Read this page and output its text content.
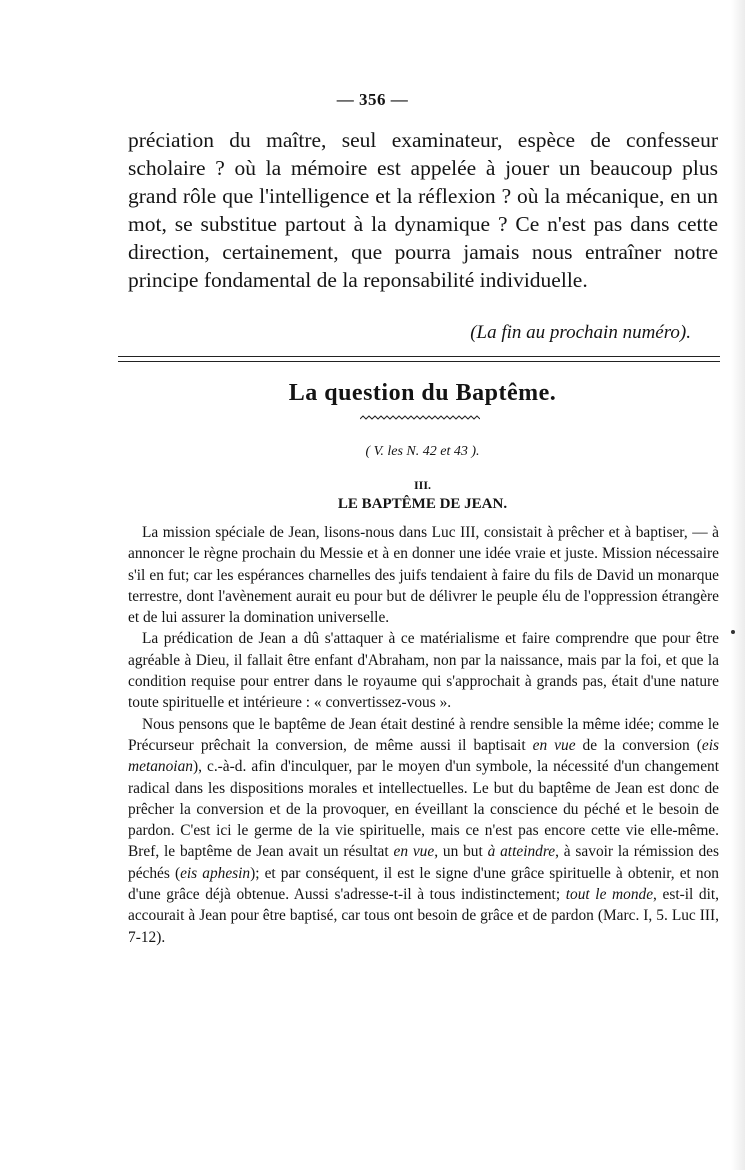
— 356 —

préciation du maître, seul examinateur, espèce de confesseur scholaire ? où la mémoire est appelée à jouer un beaucoup plus grand rôle que l'intelligence et la réflexion ? où la mécanique, en un mot, se substitue partout à la dynamique ? Ce n'est pas dans cette direction, certainement, que pourra jamais nous entraîner notre principe fondamental de la reponsabilité individuelle.

(La fin au prochain numéro).
La question du Baptême.
( V. les N. 42 et 43 ).
III.
LE BAPTÊME DE JEAN.

La mission spéciale de Jean, lisons-nous dans Luc III, consistait à prêcher et à baptiser, — à annoncer le règne prochain du Messie et à en donner une idée vraie et juste. Mission nécessaire s'il en fut; car les espérances charnelles des juifs tendaient à faire du fils de David un monarque terrestre, dont l'avènement aurait eu pour but de délivrer le peuple élu de l'oppression étrangère et de lui assurer la domination universelle.

La prédication de Jean a dû s'attaquer à ce matérialisme et faire comprendre que pour être agréable à Dieu, il fallait être enfant d'Abraham, non par la naissance, mais par la foi, et que la condition requise pour entrer dans le royaume qui s'approchait à grands pas, était d'une nature toute spirituelle et intérieure : « convertissez-vous ».

Nous pensons que le baptême de Jean était destiné à rendre sensible la même idée; comme le Précurseur prêchait la conversion, de même aussi il baptisait en vue de la conversion (eis metanoian), c.-à-d. afin d'inculquer, par le moyen d'un symbole, la nécessité d'un changement radical dans les dispositions morales et intellectuelles. Le but du baptême de Jean est donc de prêcher la conversion et de la provoquer, en éveillant la conscience du péché et le besoin de pardon. C'est ici le germe de la vie spirituelle, mais ce n'est pas encore cette vie elle-même. Bref, le baptême de Jean avait un résultat en vue, un but à atteindre, à savoir la rémission des péchés (eis aphesin); et par conséquent, il est le signe d'une grâce spirituelle à obtenir, et non d'une grâce déjà obtenue. Aussi s'adresse-t-il à tous indistinctement; tout le monde, est-il dit, accourait à Jean pour être baptisé, car tous ont besoin de grâce et de pardon (Marc. I, 5. Luc III, 7-12).
